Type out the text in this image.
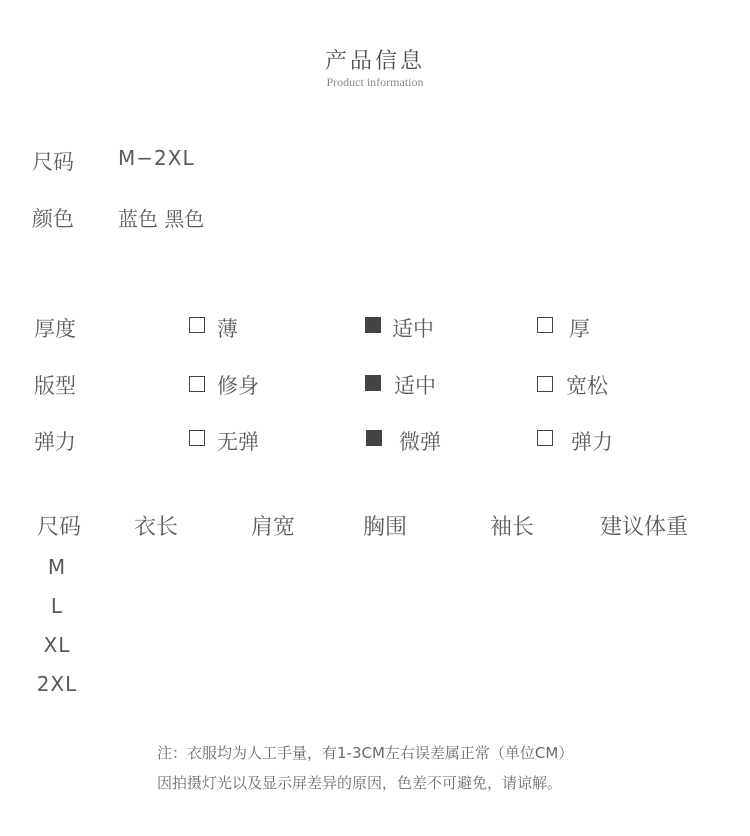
产品信息
Product information
尺码 M−2XL
颜色 蓝色 黑色
厚度	薄	适中	厚
版型	修身	适中	宽松
弹力	无弹	微弹	弹力
尺码 衣长	肩宽	胸围	袖长	建议体重
M
L
XL
2XL
注：衣服均为人工手量，有1-3CM左右误差属正常（单位CM）
因拍摄灯光以及显示屏差异的原因，色差不可避免，请谅解。
